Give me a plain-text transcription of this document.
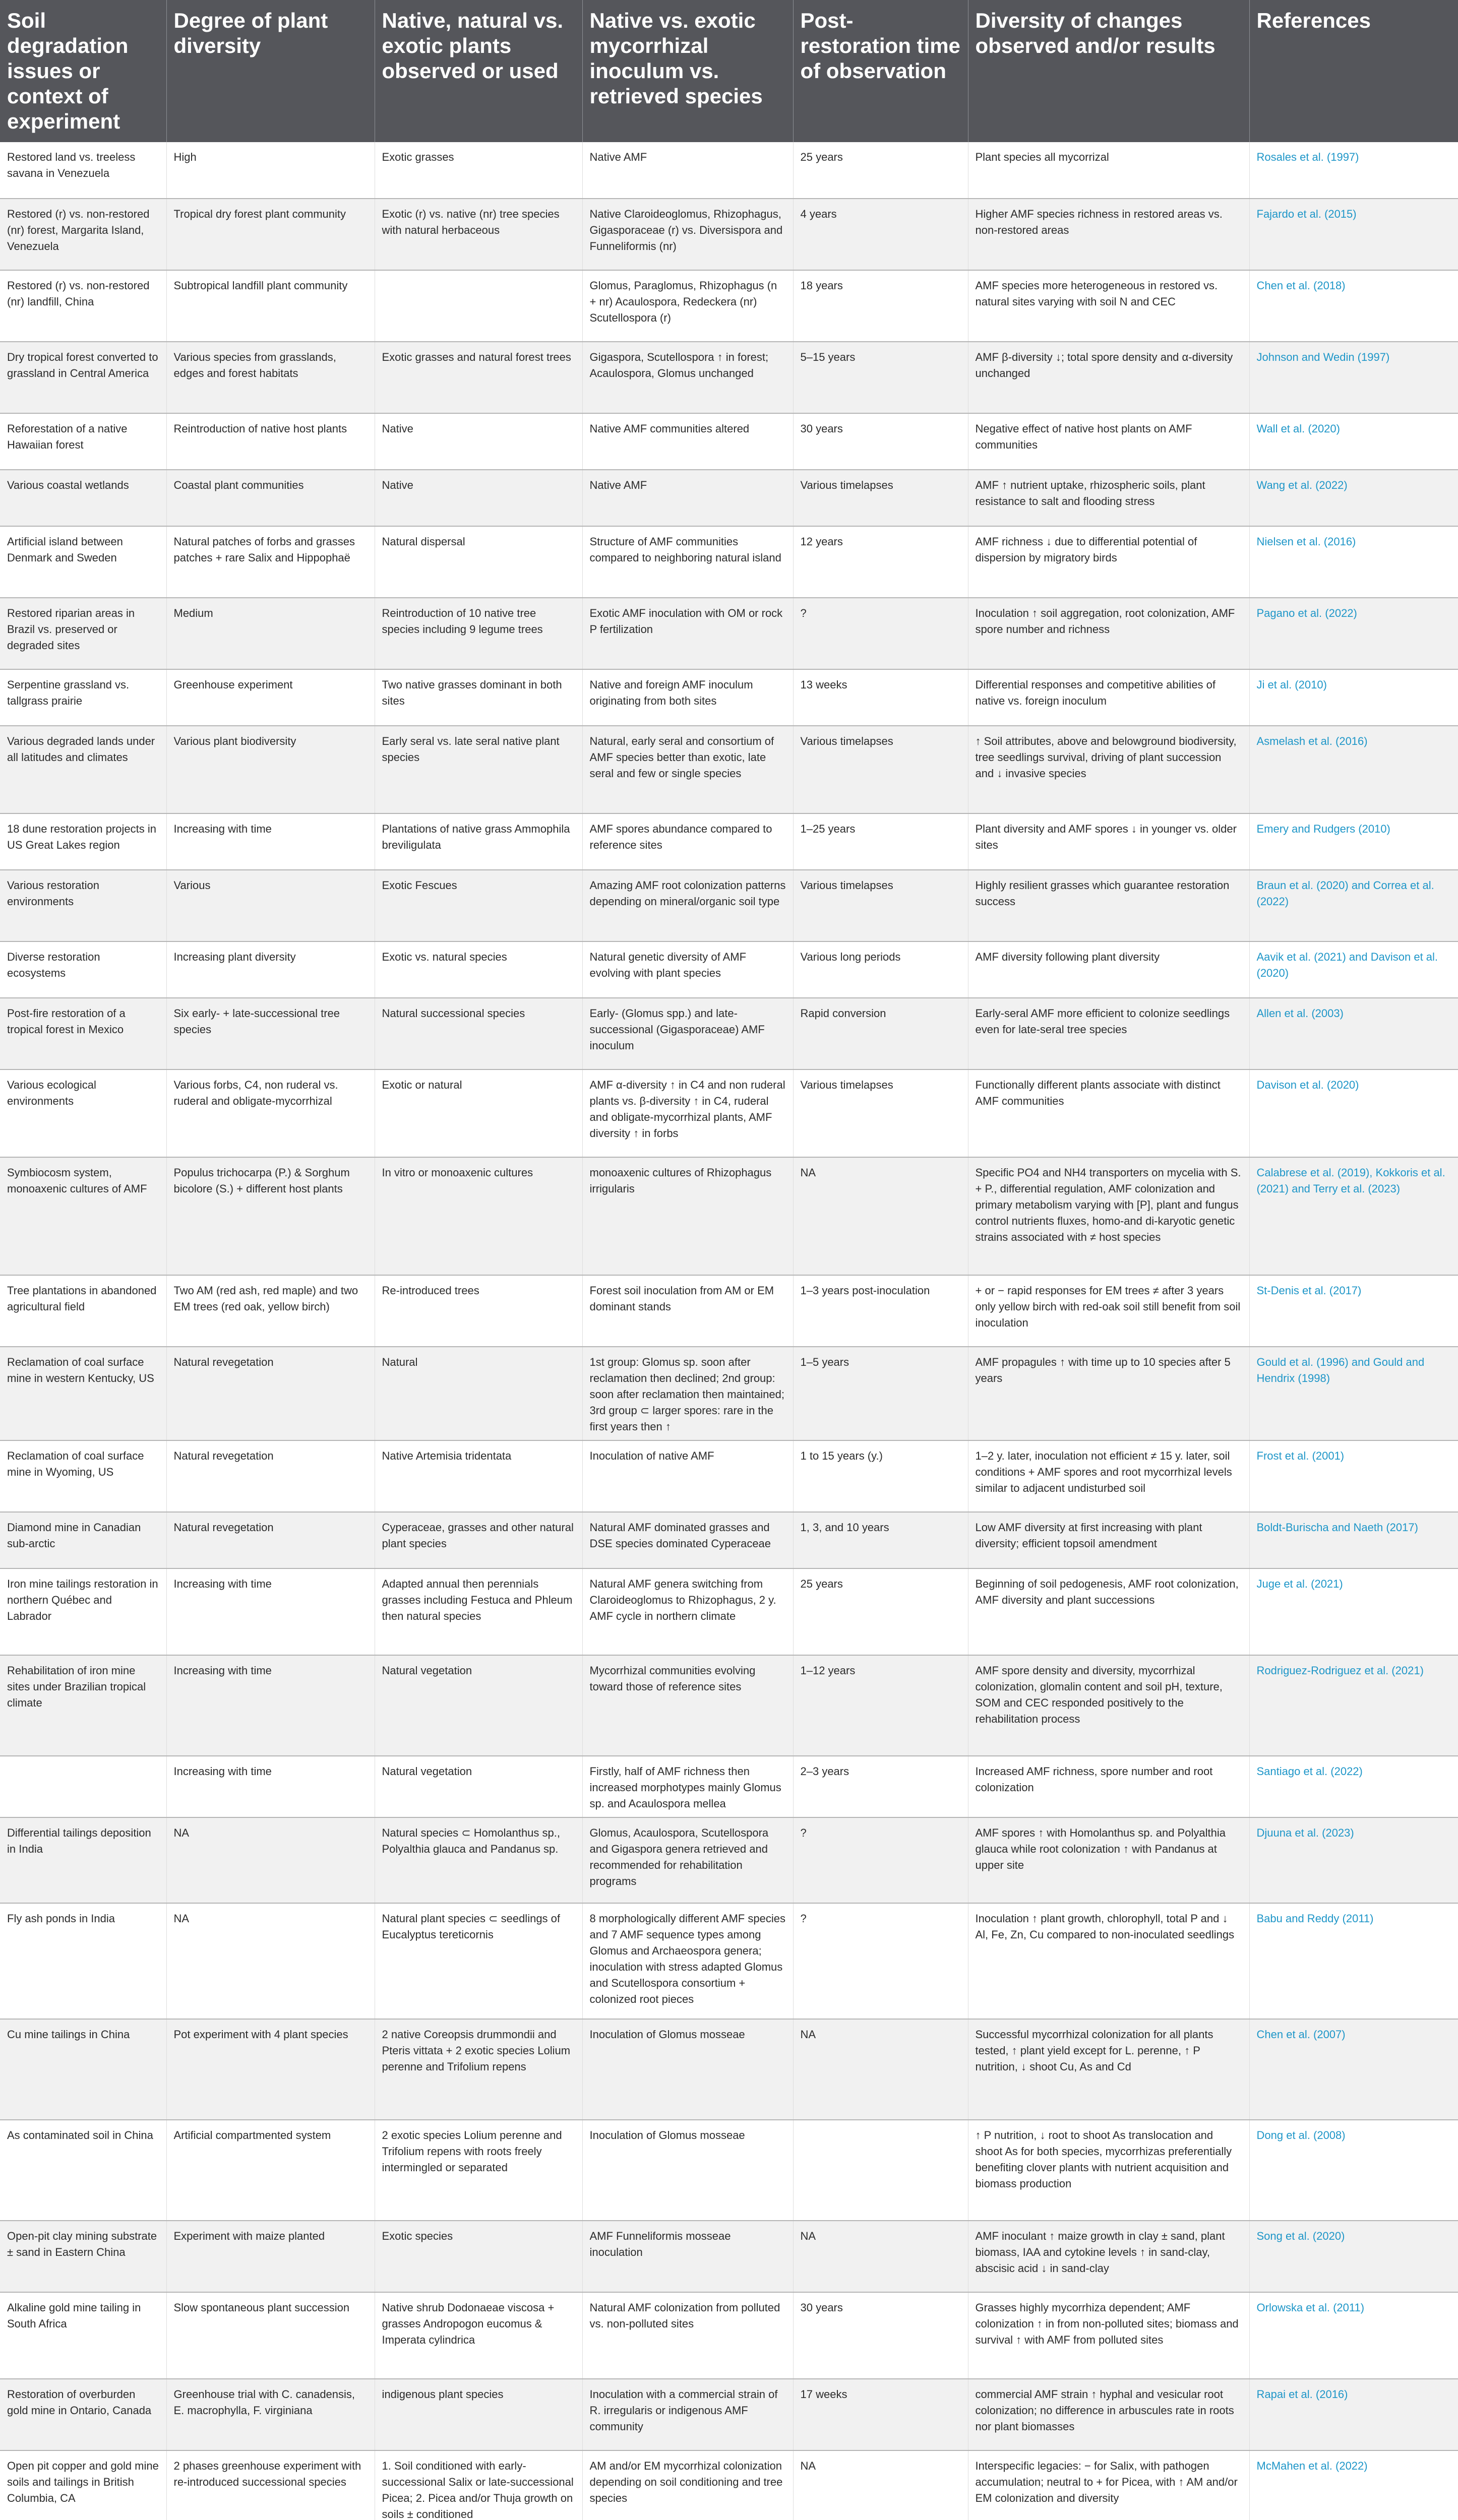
Soil degradation issues or context of experiment	Degree of plant diversity	Native, natural vs. exotic plants observed or used	Native vs. exotic mycorrhizal inoculum vs. retrieved species	Post-restoration time of observation	Diversity of changes observed and/or results	References
Restored land vs. treeless savana in Venezuela	High	Exotic grasses	Native AMF	25 years	Plant species all mycorrizal	Rosales et al. (1997)
Restored (r) vs. non-restored (nr) forest, Margarita Island, Venezuela	Tropical dry forest plant community	Exotic (r) vs. native (nr) tree species with natural herbaceous	Native Claroideoglomus, Rhizophagus, Gigasporaceae (r) vs. Diversispora and Funneliformis (nr)	4 years	Higher AMF species richness in restored areas vs. non-restored areas	Fajardo et al. (2015)
Restored (r) vs. non-restored (nr) landfill, China	Subtropical landfill plant community		Glomus, Paraglomus, Rhizophagus (n + nr) Acaulospora, Redeckera (nr) Scutellospora (r)	18 years	AMF species more heterogeneous in restored vs. natural sites varying with soil N and CEC	Chen et al. (2018)
Dry tropical forest converted to grassland in Central America	Various species from grasslands, edges and forest habitats	Exotic grasses and natural forest trees	Gigaspora, Scutellospora ↑ in forest; Acaulospora, Glomus unchanged	5–15 years	AMF β-diversity ↓; total spore density and α-diversity unchanged	Johnson and Wedin (1997)
Reforestation of a native Hawaiian forest	Reintroduction of native host plants	Native	Native AMF communities altered	30 years	Negative effect of native host plants on AMF communities	Wall et al. (2020)
Various coastal wetlands	Coastal plant communities	Native	Native AMF	Various timelapses	AMF ↑ nutrient uptake, rhizospheric soils, plant resistance to salt and flooding stress	Wang et al. (2022)
Artificial island between Denmark and Sweden	Natural patches of forbs and grasses patches + rare Salix and Hippophaë	Natural dispersal	Structure of AMF communities compared to neighboring natural island	12 years	AMF richness ↓ due to differential potential of dispersion by migratory birds	Nielsen et al. (2016)
Restored riparian areas in Brazil vs. preserved or degraded sites	Medium	Reintroduction of 10 native tree species including 9 legume trees	Exotic AMF inoculation with OM or rock P fertilization	?	Inoculation ↑ soil aggregation, root colonization, AMF spore number and richness	Pagano et al. (2022)
Serpentine grassland vs. tallgrass prairie	Greenhouse experiment	Two native grasses dominant in both sites	Native and foreign AMF inoculum originating from both sites	13 weeks	Differential responses and competitive abilities of native vs. foreign inoculum	Ji et al. (2010)
Various degraded lands under all latitudes and climates	Various plant biodiversity	Early seral vs. late seral native plant species	Natural, early seral and consortium of AMF species better than exotic, late seral and few or single species	Various timelapses	↑ Soil attributes, above and belowground biodiversity, tree seedlings survival, driving of plant succession and ↓ invasive species	Asmelash et al. (2016)
18 dune restoration projects in US Great Lakes region	Increasing with time	Plantations of native grass Ammophila breviligulata	AMF spores abundance compared to reference sites	1–25 years	Plant diversity and AMF spores ↓ in younger vs. older sites	Emery and Rudgers (2010)
Various restoration environments	Various	Exotic Fescues	Amazing AMF root colonization patterns depending on mineral/organic soil type	Various timelapses	Highly resilient grasses which guarantee restoration success	Braun et al. (2020) and Correa et al. (2022)
Diverse restoration ecosystems	Increasing plant diversity	Exotic vs. natural species	Natural genetic diversity of AMF evolving with plant species	Various long periods	AMF diversity following plant diversity	Aavik et al. (2021) and Davison et al. (2020)
Post-fire restoration of a tropical forest in Mexico	Six early- + late-successional tree species	Natural successional species	Early- (Glomus spp.) and late-successional (Gigasporaceae) AMF inoculum	Rapid conversion	Early-seral AMF more efficient to colonize seedlings even for late-seral tree species	Allen et al. (2003)
Various ecological environments	Various forbs, C4, non ruderal vs. ruderal and obligate-mycorrhizal	Exotic or natural	AMF α-diversity ↑ in C4 and non ruderal plants vs. β-diversity ↑ in C4, ruderal and obligate-mycorrhizal plants, AMF diversity ↑ in forbs	Various timelapses	Functionally different plants associate with distinct AMF communities	Davison et al. (2020)
Symbiocosm system, monoaxenic cultures of AMF	Populus trichocarpa (P.) & Sorghum bicolore (S.) + different host plants	In vitro or monoaxenic cultures	monoaxenic cultures of Rhizophagus irrigularis	NA	Specific PO4 and NH4 transporters on mycelia with S. + P., differential regulation, AMF colonization and primary metabolism varying with [P], plant and fungus control nutrients fluxes, homo-and di-karyotic genetic strains associated with ≠ host species	Calabrese et al. (2019), Kokkoris et al. (2021) and Terry et al. (2023)
Tree plantations in abandoned agricultural field	Two AM (red ash, red maple) and two EM trees (red oak, yellow birch)	Re-introduced trees	Forest soil inoculation from AM or EM dominant stands	1–3 years post-inoculation	+ or − rapid responses for EM trees ≠ after 3 years only yellow birch with red-oak soil still benefit from soil inoculation	St-Denis et al. (2017)
Reclamation of coal surface mine in western Kentucky, US	Natural revegetation	Natural	1st group: Glomus sp. soon after reclamation then declined; 2nd group: soon after reclamation then maintained; 3rd group ⊂ larger spores: rare in the first years then ↑	1–5 years	AMF propagules ↑ with time up to 10 species after 5 years	Gould et al. (1996) and Gould and Hendrix (1998)
Reclamation of coal surface mine in Wyoming, US	Natural revegetation	Native Artemisia tridentata	Inoculation of native AMF	1 to 15 years (y.)	1–2 y. later, inoculation not efficient ≠ 15 y. later, soil conditions + AMF spores and root mycorrhizal levels similar to adjacent undisturbed soil	Frost et al. (2001)
Diamond mine in Canadian sub-arctic	Natural revegetation	Cyperaceae, grasses and other natural plant species	Natural AMF dominated grasses and DSE species dominated Cyperaceae	1, 3, and 10 years	Low AMF diversity at first increasing with plant diversity; efficient topsoil amendment	Boldt-Burischa and Naeth (2017)
Iron mine tailings restoration in northern Québec and Labrador	Increasing with time	Adapted annual then perennials grasses including Festuca and Phleum then natural species	Natural AMF genera switching from Claroideoglomus to Rhizophagus, 2 y. AMF cycle in northern climate	25 years	Beginning of soil pedogenesis, AMF root colonization, AMF diversity and plant successions	Juge et al. (2021)
Rehabilitation of iron mine sites under Brazilian tropical climate	Increasing with time	Natural vegetation	Mycorrhizal communities evolving toward those of reference sites	1–12 years	AMF spore density and diversity, mycorrhizal colonization, glomalin content and soil pH, texture, SOM and CEC responded positively to the rehabilitation process	Rodriguez-Rodriguez et al. (2021)
	Increasing with time	Natural vegetation	Firstly, half of AMF richness then increased morphotypes mainly Glomus sp. and Acaulospora mellea	2–3 years	Increased AMF richness, spore number and root colonization	Santiago et al. (2022)
Differential tailings deposition in India	NA	Natural species ⊂ Homolanthus sp., Polyalthia glauca and Pandanus sp.	Glomus, Acaulospora, Scutellospora and Gigaspora genera retrieved and recommended for rehabilitation programs	?	AMF spores ↑ with Homolanthus sp. and Polyalthia glauca while root colonization ↑ with Pandanus at upper site	Djuuna et al. (2023)
Fly ash ponds in India	NA	Natural plant species ⊂ seedlings of Eucalyptus tereticornis	8 morphologically different AMF species and 7 AMF sequence types among Glomus and Archaeospora genera; inoculation with stress adapted Glomus and Scutellospora consortium + colonized root pieces	?	Inoculation ↑ plant growth, chlorophyll, total P and ↓ Al, Fe, Zn, Cu compared to non-inoculated seedlings	Babu and Reddy (2011)
Cu mine tailings in China	Pot experiment with 4 plant species	2 native Coreopsis drummondii and Pteris vittata + 2 exotic species Lolium perenne and Trifolium repens	Inoculation of Glomus mosseae	NA	Successful mycorrhizal colonization for all plants tested, ↑ plant yield except for L. perenne, ↑ P nutrition, ↓ shoot Cu, As and Cd	Chen et al. (2007)
As contaminated soil in China	Artificial compartmented system	2 exotic species Lolium perenne and Trifolium repens with roots freely intermingled or separated	Inoculation of Glomus mosseae		↑ P nutrition, ↓ root to shoot As translocation and shoot As for both species, mycorrhizas preferentially benefiting clover plants with nutrient acquisition and biomass production	Dong et al. (2008)
Open-pit clay mining substrate ± sand in Eastern China	Experiment with maize planted	Exotic species	AMF Funneliformis mosseae inoculation	NA	AMF inoculant ↑ maize growth in clay ± sand, plant biomass, IAA and cytokine levels ↑ in sand-clay, abscisic acid ↓ in sand-clay	Song et al. (2020)
Alkaline gold mine tailing in South Africa	Slow spontaneous plant succession	Native shrub Dodonaeae viscosa + grasses Andropogon eucomus & Imperata cylindrica	Natural AMF colonization from polluted vs. non-polluted sites	30 years	Grasses highly mycorrhiza dependent; AMF colonization ↑ in from non-polluted sites; biomass and survival ↑ with AMF from polluted sites	Orlowska et al. (2011)
Restoration of overburden gold mine in Ontario, Canada	Greenhouse trial with C. canadensis, E. macrophylla, F. virginiana	indigenous plant species	Inoculation with a commercial strain of R. irregularis or indigenous AMF community	17 weeks	commercial AMF strain ↑ hyphal and vesicular root colonization; no difference in arbuscules rate in roots nor plant biomasses	Rapai et al. (2016)
Open pit copper and gold mine soils and tailings in British Columbia, CA	2 phases greenhouse experiment with re-introduced successional species	1. Soil conditioned with early-successional Salix or late-successional Picea; 2. Picea and/or Thuja growth on soils ± conditioned	AM and/or EM mycorrhizal colonization depending on soil conditioning and tree species	NA	Interspecific legacies: − for Salix, with pathogen accumulation; neutral to + for Picea, with ↑ AM and/or EM colonization and diversity	McMahen et al. (2022)
